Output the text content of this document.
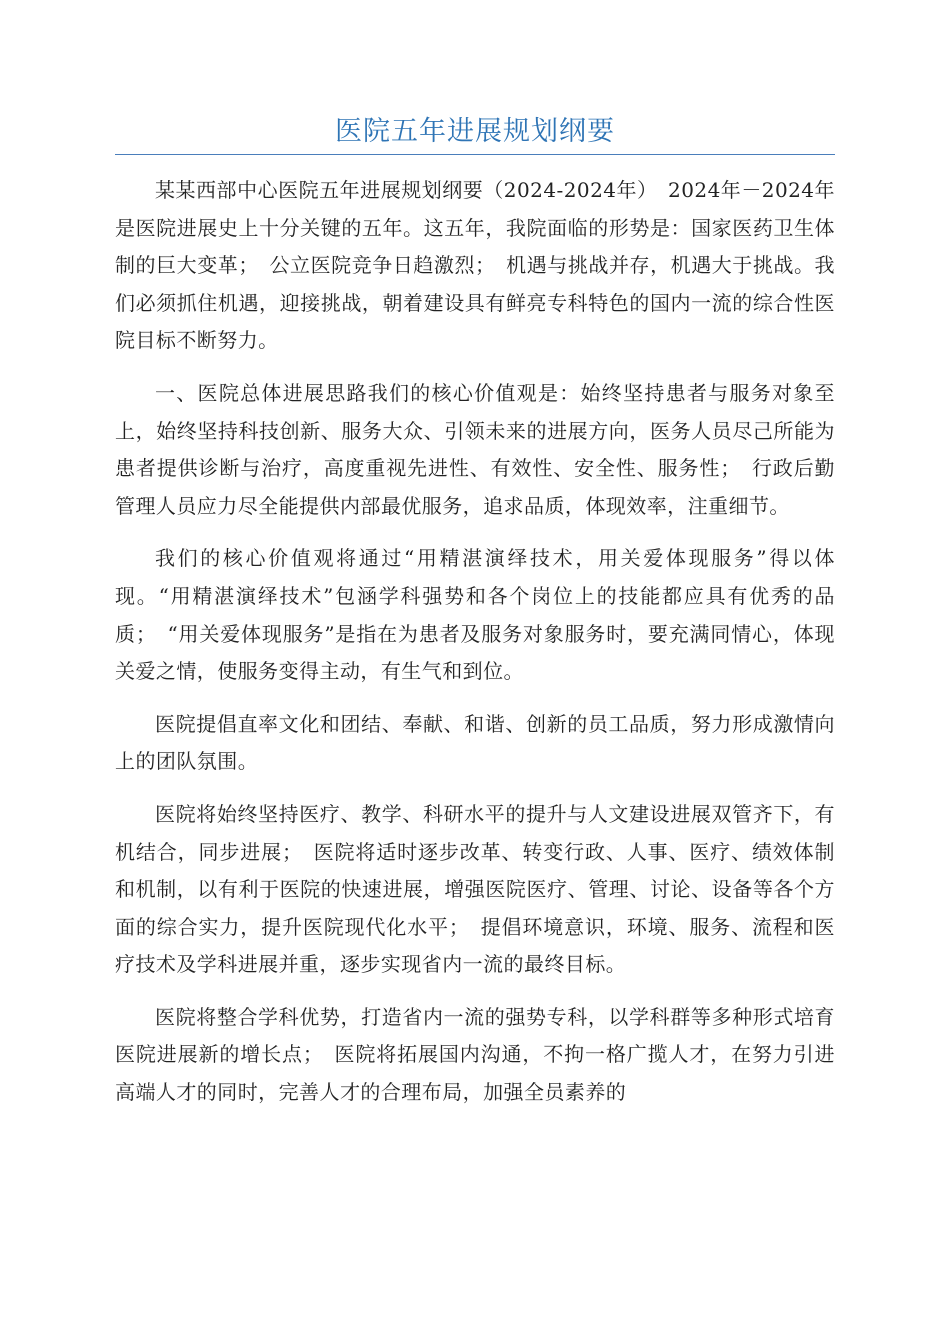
医院五年进展规划纲要

某某西部中心医院五年进展规划纲要（2024-2024年）　2024年－2024年是医院进展史上十分关键的五年。这五年，我院面临的形势是：国家医药卫生体制的巨大变革；　公立医院竞争日趋激烈；　机遇与挑战并存，机遇大于挑战。我们必须抓住机遇，迎接挑战，朝着建设具有鲜亮专科特色的国内一流的综合性医院目标不断努力。

一、医院总体进展思路我们的核心价值观是：始终坚持患者与服务对象至上，始终坚持科技创新、服务大众、引领未来的进展方向，医务人员尽己所能为患者提供诊断与治疗，高度重视先进性、有效性、安全性、服务性；　行政后勤管理人员应力尽全能提供内部最优服务，追求品质，体现效率，注重细节。

我们的核心价值观将通过“用精湛演绎技术，用关爱体现服务”得以体现。“用精湛演绎技术”包涵学科强势和各个岗位上的技能都应具有优秀的品质；　“用关爱体现服务”是指在为患者及服务对象服务时，要充满同情心，体现关爱之情，使服务变得主动，有生气和到位。

医院提倡直率文化和团结、奉献、和谐、创新的员工品质，努力形成激情向上的团队氛围。

医院将始终坚持医疗、教学、科研水平的提升与人文建设进展双管齐下，有机结合，同步进展；　医院将适时逐步改革、转变行政、人事、医疗、绩效体制和机制，以有利于医院的快速进展，增强医院医疗、管理、讨论、设备等各个方面的综合实力，提升医院现代化水平；　提倡环境意识，环境、服务、流程和医疗技术及学科进展并重，逐步实现省内一流的最终目标。

医院将整合学科优势，打造省内一流的强势专科，以学科群等多种形式培育医院进展新的增长点；　医院将拓展国内沟通，不拘一格广揽人才，在努力引进高端人才的同时，完善人才的合理布局，加强全员素养的
